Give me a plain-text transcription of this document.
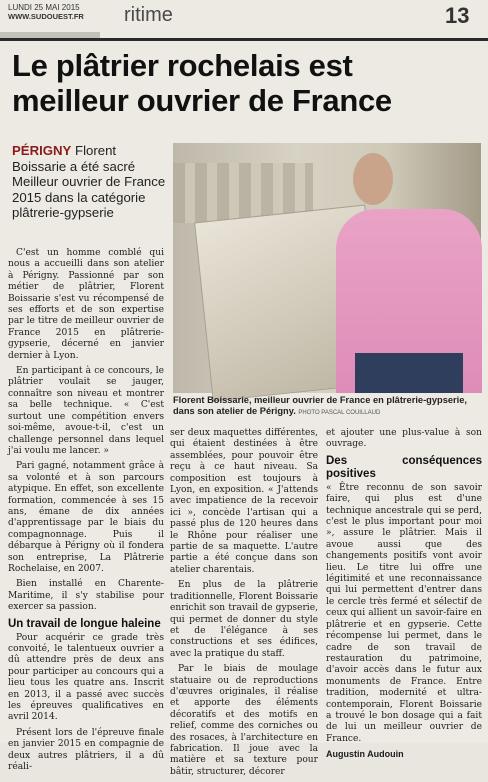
LUNDI 25 MAI 2015
WWW.SUDOUEST.FR ritime	13
Le plâtrier rochelais est
meilleur ouvrier de France
PÉRIGNY Florent Boissarie a été sacré Meilleur ouvrier de France 2015 dans la catégorie plâtrerie-gypserie
Florent Boissarie, meilleur ouvrier de France en plâtrerie-gypserie, dans son atelier de Périgny. PHOTO PASCAL COUILLAUD

C'est un homme comblé qui nous a accueilli dans son atelier à Périgny. Passionné par son métier de plâtrier, Florent Boissarie s'est vu récompensé de ses efforts et de son expertise par le titre de meilleur ouvrier de France 2015 en plâtrerie-gypserie, décerné en janvier dernier à Lyon.

En participant à ce concours, le plâtrier voulait se jauger, connaître son niveau et montrer sa belle technique. « C'est surtout une compétition envers soi-même, avoue-t-il, c'est un challenge personnel dans lequel j'ai voulu me lancer. »

Pari gagné, notamment grâce à sa volonté et à son parcours atypique. En effet, son excellente formation, commencée à ses 15 ans, émane de dix années d'apprentissage par le biais du compagnonnage. Puis il débarque à Périgny où il fondera son entreprise, La Plâtrerie Rochelaise, en 2007.

Bien installé en Charente-Maritime, il s'y stabilise pour exercer sa passion.

Un travail de longue haleine

Pour acquérir ce grade très convoité, le talentueux ouvrier a dû attendre près de deux ans pour participer au concours qui a lieu tous les quatre ans. Inscrit en 2013, il a passé avec succès les épreuves qualificatives en avril 2014.

Présent lors de l'épreuve finale en janvier 2015 en compagnie de deux autres plâtriers, il a dû réali-

ser deux maquettes différentes, qui étaient destinées à être assemblées, pour pouvoir être reçu à ce haut niveau. Sa composition est toujours à Lyon, en exposition. « J'attends avec impatience de la recevoir ici », concède l'artisan qui a passé plus de 120 heures dans le Rhône pour réaliser une partie de sa maquette. L'autre partie a été conçue dans son atelier charentais.

En plus de la plâtrerie traditionnelle, Florent Boissarie enrichit son travail de gypserie, qui permet de donner du style et de l'élégance à ses constructions et ses édifices, avec la pratique du staff.

Par le biais de moulage statuaire ou de reproductions d'œuvres originales, il réalise et apporte des éléments décoratifs et des motifs en relief, comme des corniches ou des rosaces, à l'architecture en fabrication. Il joue avec la matière et sa texture pour bâtir, structurer, décorer

et ajouter une plus-value à son ouvrage.

Des conséquences positives

« Être reconnu de son savoir faire, qui plus est d'une technique ancestrale qui se perd, c'est le plus important pour moi », assure le plâtrier. Mais il avoue aussi que des changements positifs vont avoir lieu. Le titre lui offre une légitimité et une reconnaissance qui lui permettent d'entrer dans le cercle très fermé et sélectif de ceux qui allient un savoir-faire en plâtrerie et en gypserie. Cette récompense lui permet, dans le cadre de son travail de restauration du patrimoine, d'avoir accès dans le futur aux monuments de France. Entre tradition, modernité et ultra-contemporain, Florent Boissarie a trouvé le bon dosage qui a fait de lui un meilleur ouvrier de France.

Augustin Audouin
